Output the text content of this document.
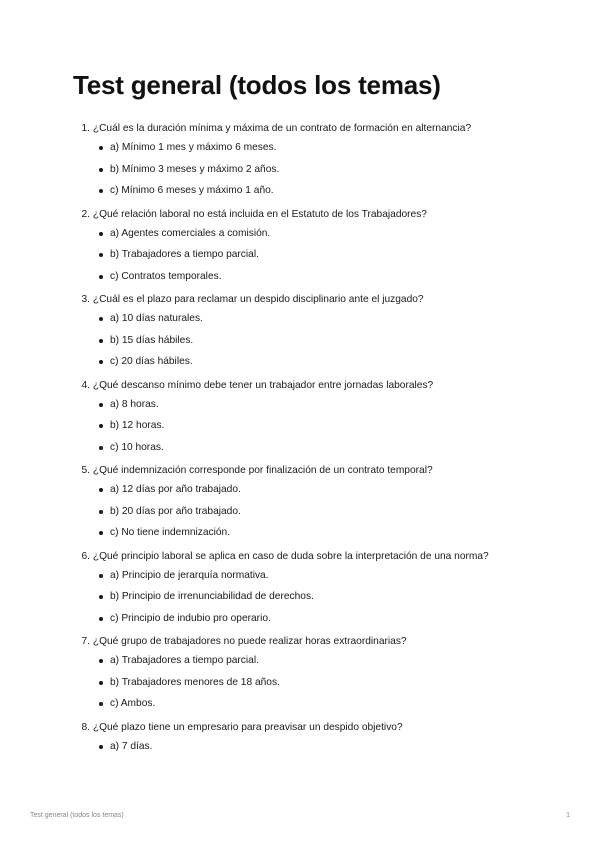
Test general (todos los temas)
1. ¿Cuál es la duración mínima y máxima de un contrato de formación en alternancia?
a) Mínimo 1 mes y máximo 6 meses.
b) Mínimo 3 meses y máximo 2 años.
c) Mínimo 6 meses y máximo 1 año.
2. ¿Qué relación laboral no está incluida en el Estatuto de los Trabajadores?
a) Agentes comerciales a comisión.
b) Trabajadores a tiempo parcial.
c) Contratos temporales.
3. ¿Cuál es el plazo para reclamar un despido disciplinario ante el juzgado?
a) 10 días naturales.
b) 15 días hábiles.
c) 20 días hábiles.
4. ¿Qué descanso mínimo debe tener un trabajador entre jornadas laborales?
a) 8 horas.
b) 12 horas.
c) 10 horas.
5. ¿Qué indemnización corresponde por finalización de un contrato temporal?
a) 12 días por año trabajado.
b) 20 días por año trabajado.
c) No tiene indemnización.
6. ¿Qué principio laboral se aplica en caso de duda sobre la interpretación de una norma?
a) Principio de jerarquía normativa.
b) Principio de irrenunciabilidad de derechos.
c) Principio de indubio pro operario.
7. ¿Qué grupo de trabajadores no puede realizar horas extraordinarias?
a) Trabajadores a tiempo parcial.
b) Trabajadores menores de 18 años.
c) Ambos.
8. ¿Qué plazo tiene un empresario para preavisar un despido objetivo?
a) 7 días.
Test general (todos los temas)	1
